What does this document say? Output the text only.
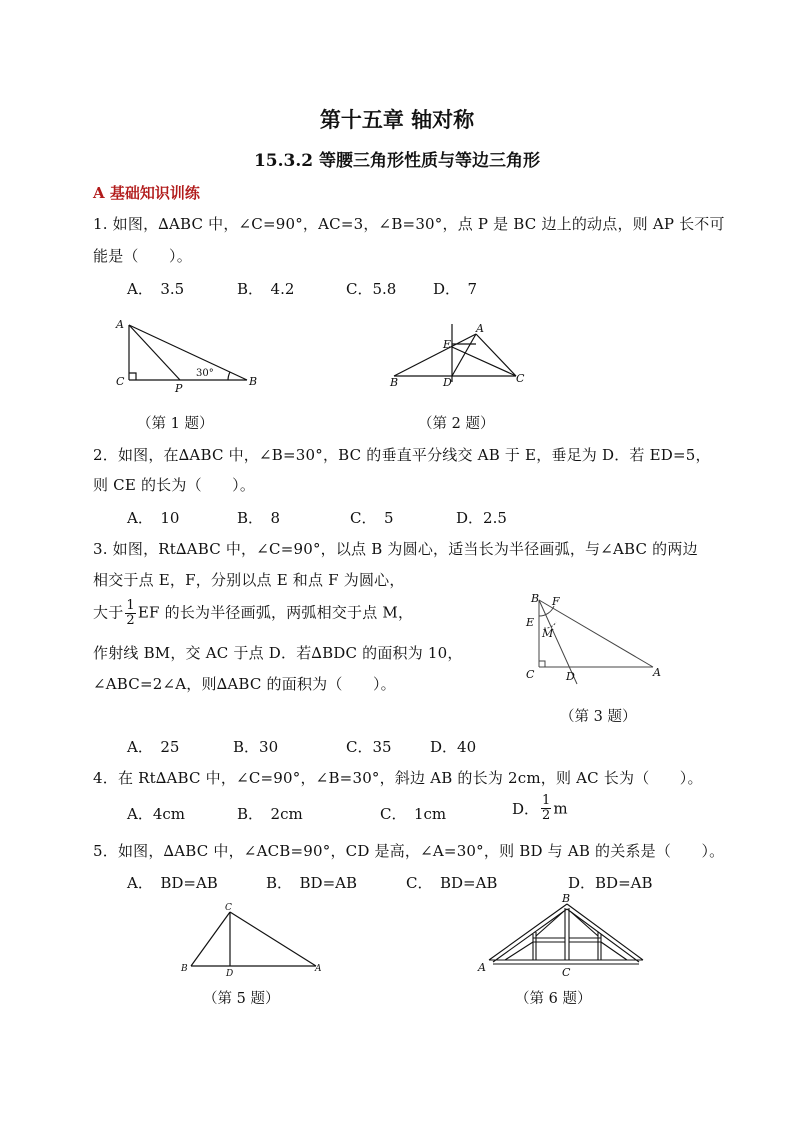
第十五章 轴对称
15.3.2 等腰三角形性质与等边三角形
A 基础知识训练
1. 如图，∆ABC 中，∠C=90°，AC=3，∠B=30°，点 P 是 BC 边上的动点，则 AP 长不可
能是（　　）。
A．　3.5	B．　4.2	C．5.8 D．　7
A
C
P
B
30°
（第 1 题）
A
E
B	D	C
（第 2 题）
2．如图，在∆ABC 中，∠B=30°，BC 的垂直平分线交 AB 于 E，垂足为 D．若 ED=5，
则 CE 的长为（　　）。
A．　10	B．　8	C．　5	D．2.5
3. 如图，Rt∆ABC 中，∠C=90°，以点 B 为圆心，适当长为半径画弧，与∠ABC 的两边
相交于点 E，F，分别以点 E 和点 F 为圆心，
大于 $\frac{1}{2}$ EF 的长为半径画弧，两弧相交于点 M，
作射线 BM，交 AC 于点 D．若∆BDC 的面积为 10，
∠ABC=2∠A，则∆ABC 的面积为（　　）。
B F
E
M
C	D	A
（第 3 题）
A．　25	B．30	C．35	D．40
4．在 Rt∆ABC 中，∠C=90°，∠B=30°，斜边 AB 的长为 2cm，则 AC 长为（　　）。
A．4cm	B．　2cm	C．　1cm	D． $\frac{1}{2}$ m
5．如图，∆ABC 中，∠ACB=90°，CD 是高，∠A=30°，则 BD 与 AB 的关系是（　　）。
A．　BD=AB	B．　BD=AB	C．　BD=AB	D．BD=AB
C
B	D	A
（第 5 题）
B
A	C
（第 6 题）
